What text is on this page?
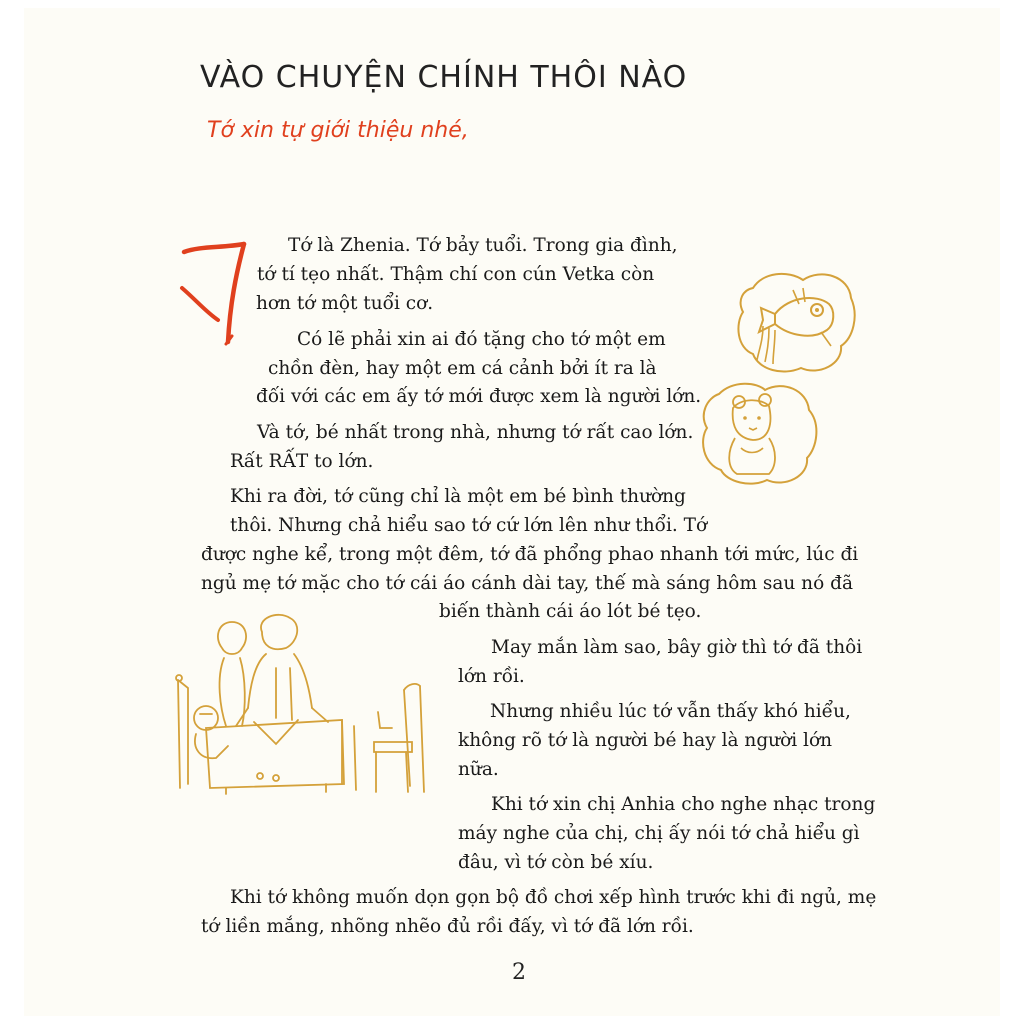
VÀO CHUYỆN CHÍNH THÔI NÀO
Tớ xin tự giới thiệu nhé,
Tớ là Zhenia. Tớ bảy tuổi. Trong gia đình,
tớ tí tẹo nhất. Thậm chí con cún Vetka còn
hơn tớ một tuổi cơ.
Có lẽ phải xin ai đó tặng cho tớ một em
chồn đèn, hay một em cá cảnh bởi ít ra là
đối với các em ấy tớ mới được xem là người lớn.
Và tớ, bé nhất trong nhà, nhưng tớ rất cao lớn.
Rất RẤT to lớn.
Khi ra đời, tớ cũng chỉ là một em bé bình thường
thôi. Nhưng chả hiểu sao tớ cứ lớn lên như thổi. Tớ
được nghe kể, trong một đêm, tớ đã phổng phao nhanh tới mức, lúc đi
ngủ mẹ tớ mặc cho tớ cái áo cánh dài tay, thế mà sáng hôm sau nó đã
biến thành cái áo lót bé tẹo.
May mắn làm sao, bây giờ thì tớ đã thôi
lớn rồi.
Nhưng nhiều lúc tớ vẫn thấy khó hiểu,
không rõ tớ là người bé hay là người lớn
nữa.
Khi tớ xin chị Anhia cho nghe nhạc trong
máy nghe của chị, chị ấy nói tớ chả hiểu gì
đâu, vì tớ còn bé xíu.
Khi tớ không muốn dọn gọn bộ đồ chơi xếp hình trước khi đi ngủ, mẹ
tớ liền mắng, nhõng nhẽo đủ rồi đấy, vì tớ đã lớn rồi.
2
